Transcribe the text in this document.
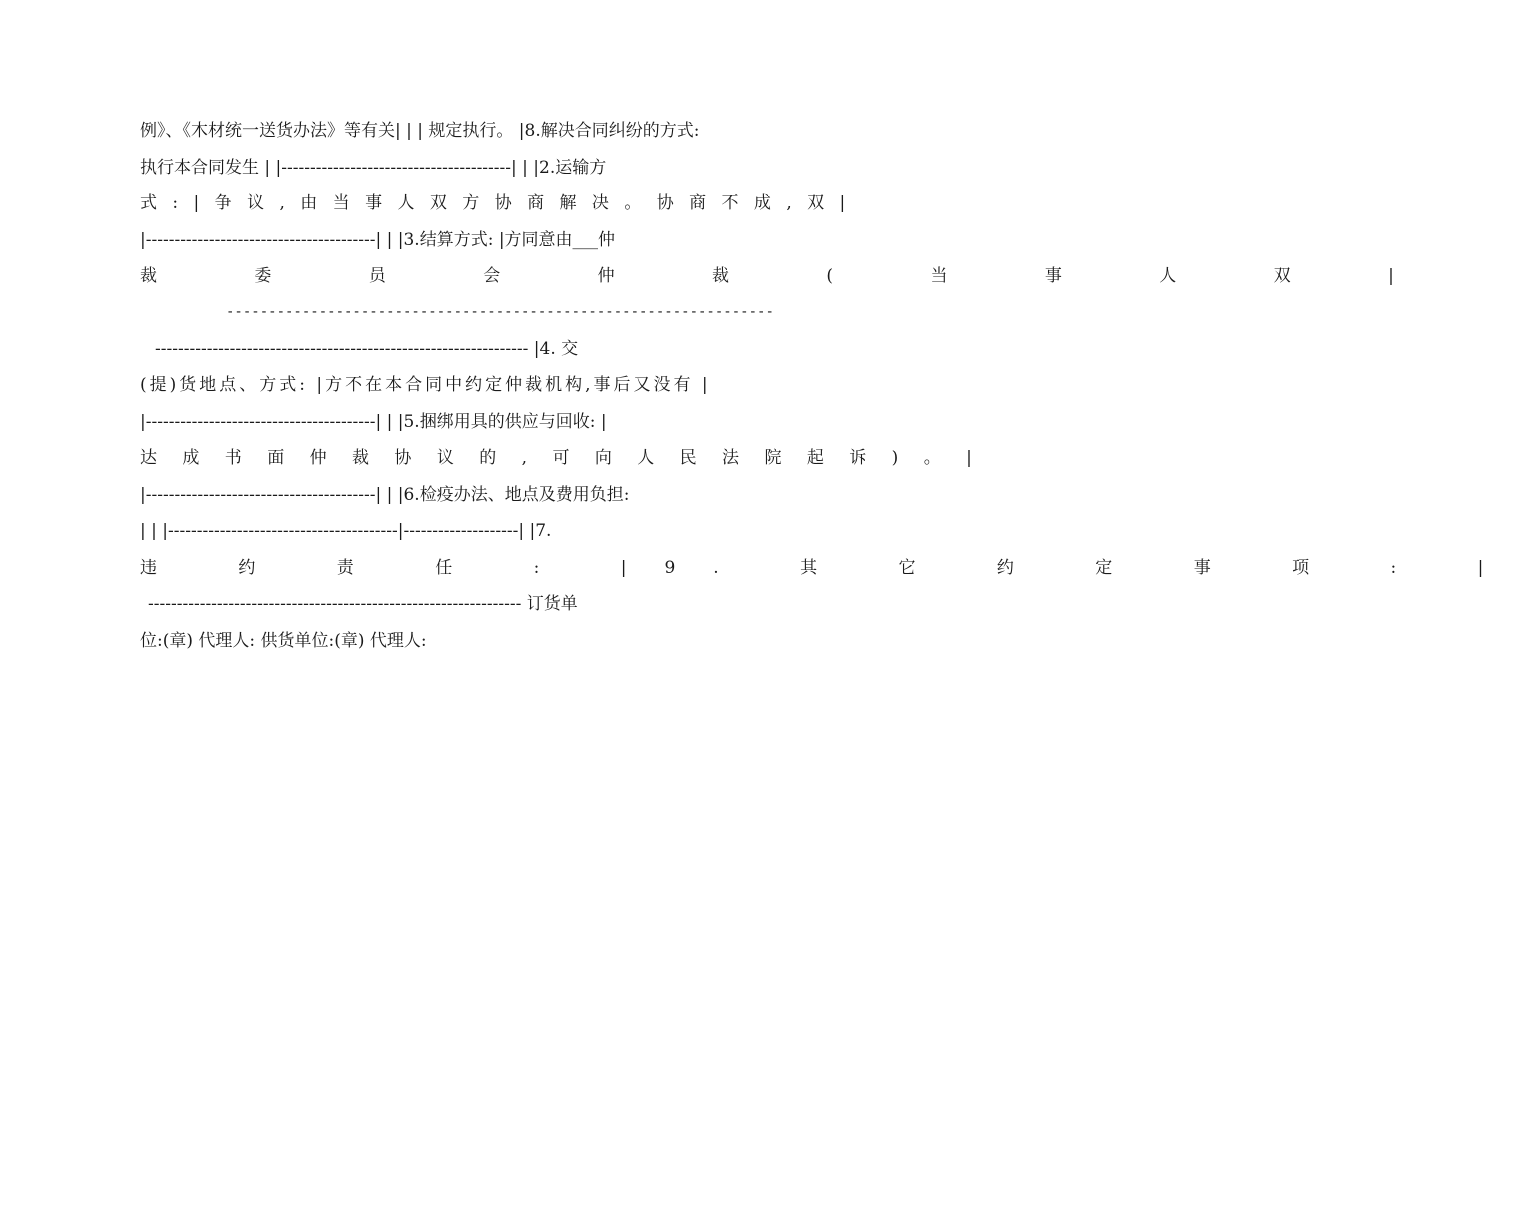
例》、《木材统一送货办法》等有关| | | 规定执行。 |8.解决合同纠纷的方式:
执行本合同发生 | |----------------------------------------| | |2.运输方
式 : | 争 议 , 由 当 事 人 双 方 协 商 解 决 。 协 商 不 成 , 双 |
|----------------------------------------| | |3.结算方式: |方同意由___仲
裁 委 员 会 仲 裁 ( 当 事 人 双 |
-----------------------------------------------------------------
----------------------------------------------------------------- |4. 交
(提)货地点、方式: |方不在本合同中约定仲裁机构,事后又没有 |
|----------------------------------------| | |5.捆绑用具的供应与回收: |
达 成 书 面 仲 裁 协 议 的 , 可 向 人 民 法 院 起 诉 ) 。 |
|----------------------------------------| | |6.检疫办法、地点及费用负担:
| | |----------------------------------------|--------------------| |7.
违 约 责 任 : |9. 其 它 约 定 事 项 : |
----------------------------------------------------------------- 订货单
位:(章) 代理人: 供货单位:(章) 代理人:
